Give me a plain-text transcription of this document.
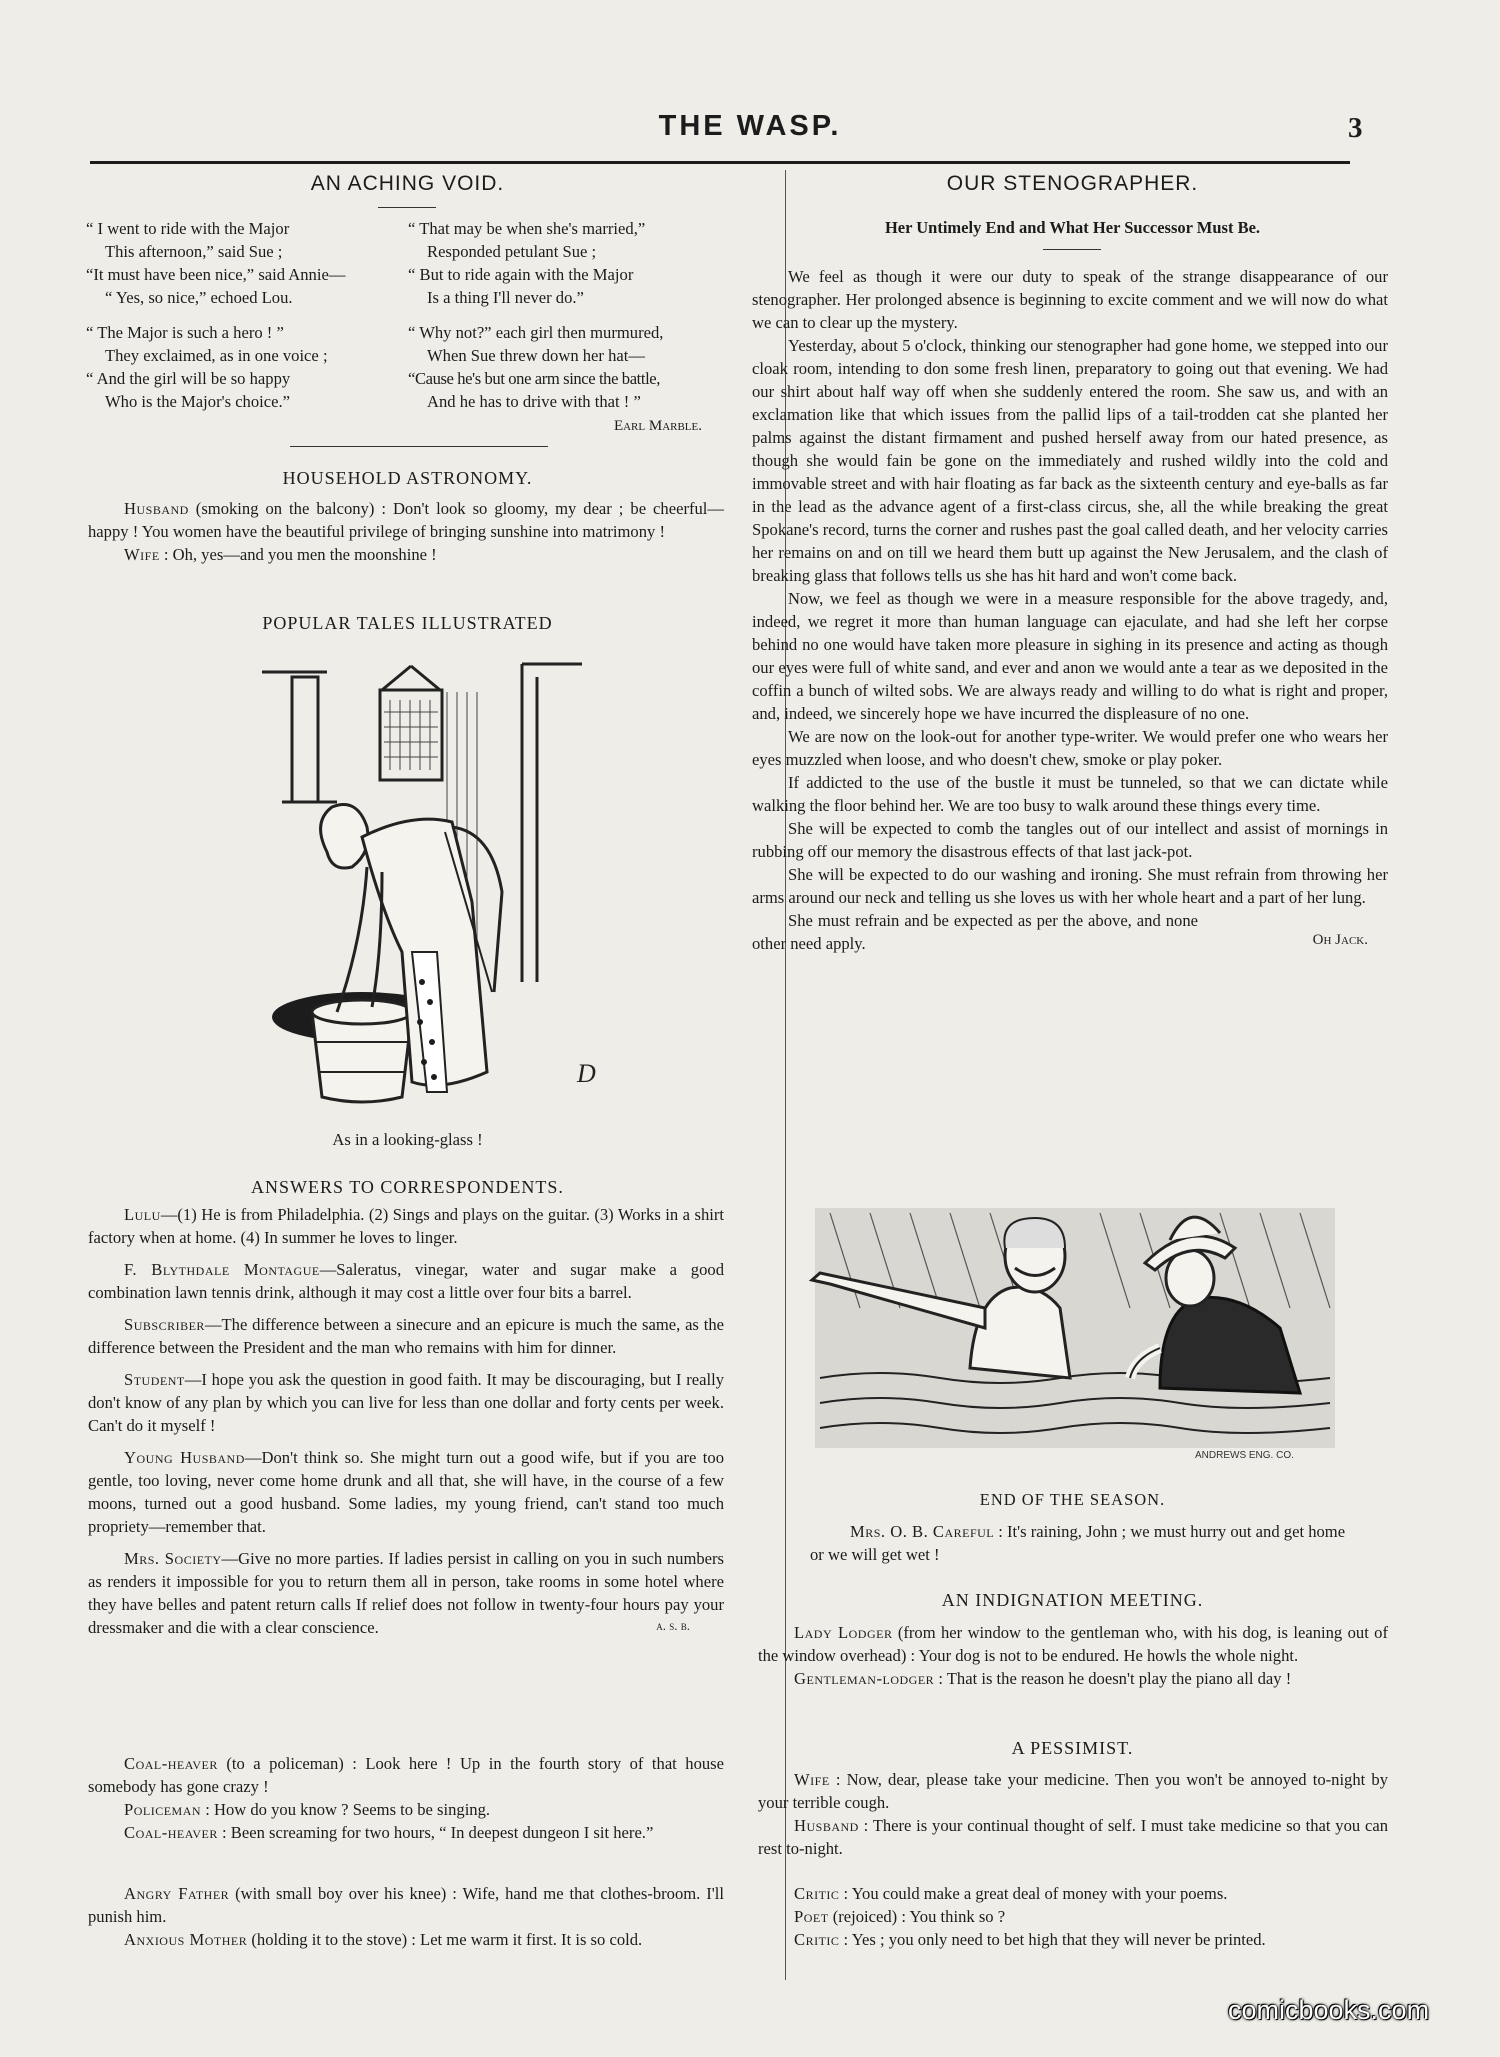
THE WASP.	3
AN ACHING VOID.
“ I went to ride with the Major
This afternoon,” said Sue ;
“It must have been nice,” said Annie—
“ Yes, so nice,” echoed Lou.
“ The Major is such a hero ! ”
They exclaimed, as in one voice ;
“ And the girl will be so happy
Who is the Major's choice.”
“ That may be when she's married,”
Responded petulant Sue ;
“ But to ride again with the Major
Is a thing I'll never do.”
“ Why not?” each girl then murmured,
When Sue threw down her hat—
“Cause he's but one arm since the battle,
And he has to drive with that ! ”
Earl Marble.
HOUSEHOLD ASTRONOMY.

Husband (smoking on the balcony) : Don't look so gloomy, my dear ; be cheerful—happy ! You women have the beautiful privilege of bringing sunshine into matrimony !

Wife : Oh, yes—and you men the moonshine !

POPULAR TALES ILLUSTRATED
D
As in a looking-glass !
ANSWERS TO CORRESPONDENTS.

Lulu—(1) He is from Philadelphia. (2) Sings and plays on the guitar. (3) Works in a shirt factory when at home. (4) In summer he loves to linger.

F. Blythdale Montague—Saleratus, vinegar, water and sugar make a good combination lawn tennis drink, although it may cost a little over four bits a barrel.

Subscriber—The difference between a sinecure and an epicure is much the same, as the difference between the President and the man who remains with him for dinner.

Student—I hope you ask the question in good faith. It may be discouraging, but I really don't know of any plan by which you can live for less than one dollar and forty cents per week. Can't do it myself !

Young Husband—Don't think so. She might turn out a good wife, but if you are too gentle, too loving, never come home drunk and all that, she will have, in the course of a few moons, turned out a good husband. Some ladies, my young friend, can't stand too much propriety—remember that.

Mrs. Society—Give no more parties. If ladies persist in calling on you in such numbers as renders it impossible for you to return them all in person, take rooms in some hotel where they have belles and patent return calls If relief does not follow in twenty-four hours pay your dressmaker and die with a clear conscience.	a. s. b.

Coal-heaver (to a policeman) : Look here ! Up in the fourth story of that house somebody has gone crazy !

Policeman : How do you know ? Seems to be singing.

Coal-heaver : Been screaming for two hours, “ In deepest dungeon I sit here.”

Angry Father (with small boy over his knee) : Wife, hand me that clothes-broom. I'll punish him.

Anxious Mother (holding it to the stove) : Let me warm it first. It is so cold.

OUR STENOGRAPHER.
Her Untimely End and What Her Successor Must Be.

We feel as though it were our duty to speak of the strange disappearance of our stenographer. Her prolonged absence is beginning to excite comment and we will now do what we can to clear up the mystery.

Yesterday, about 5 o'clock, thinking our stenographer had gone home, we stepped into our cloak room, intending to don some fresh linen, preparatory to going out that evening. We had our shirt about half way off when she suddenly entered the room. She saw us, and with an exclamation like that which issues from the pallid lips of a tail-trodden cat she planted her palms against the distant firmament and pushed herself away from our hated presence, as though she would fain be gone on the immediately and rushed wildly into the cold and immovable street and with hair floating as far back as the sixteenth century and eye-balls as far in the lead as the advance agent of a first-class circus, she, all the while breaking the great Spokane's record, turns the corner and rushes past the goal called death, and her velocity carries her remains on and on till we heard them butt up against the New Jerusalem, and the clash of breaking glass that follows tells us she has hit hard and won't come back.

Now, we feel as though we were in a measure responsible for the above tragedy, and, indeed, we regret it more than human language can ejaculate, and had she left her corpse behind no one would have taken more pleasure in sighing in its presence and acting as though our eyes were full of white sand, and ever and anon we would ante a tear as we deposited in the coffin a bunch of wilted sobs. We are always ready and willing to do what is right and proper, and, indeed, we sincerely hope we have incurred the displeasure of no one.

We are now on the look-out for another type-writer. We would prefer one who wears her eyes muzzled when loose, and who doesn't chew, smoke or play poker.

If addicted to the use of the bustle it must be tunneled, so that we can dictate while walking the floor behind her. We are too busy to walk around these things every time.

She will be expected to comb the tangles out of our intellect and assist of mornings in rubbing off our memory the disastrous effects of that last jack-pot.

She will be expected to do our washing and ironing. She must refrain from throwing her arms around our neck and telling us she loves us with her whole heart and a part of her lung.

She must refrain and be expected as per the above, and none other need apply.	Oh Jack.
ANDREWS ENG. CO.
END OF THE SEASON.

Mrs. O. B. Careful : It's raining, John ; we must hurry out and get home or we will get wet !

AN INDIGNATION MEETING.

Lady Lodger (from her window to the gentleman who, with his dog, is leaning out of the window overhead) : Your dog is not to be endured. He howls the whole night.

Gentleman-lodger : That is the reason he doesn't play the piano all day !

A PESSIMIST.

Wife : Now, dear, please take your medicine. Then you won't be annoyed to-night by your terrible cough.

Husband : There is your continual thought of self. I must take medicine so that you can rest to-night.

Critic : You could make a great deal of money with your poems.

Poet (rejoiced) : You think so ?

Critic : Yes ; you only need to bet high that they will never be printed.

comicbooks.com
